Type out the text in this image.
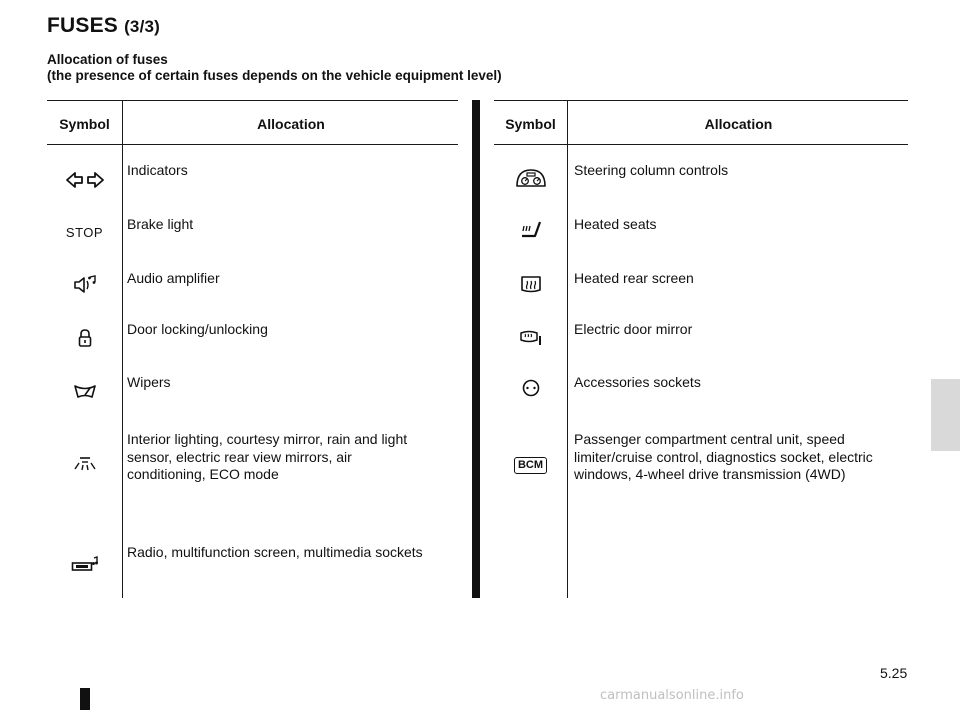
FUSES (3/3)
Allocation of fuses
(the presence of certain fuses depends on the vehicle equipment level)
Symbol	Allocation
Indicators
STOP Brake light
Audio amplifier
Door locking/unlocking
Wipers
Interior lighting, courtesy mirror, rain and light sensor, electric rear view mirrors, air conditioning, ECO mode
Radio, multifunction screen, multimedia sockets
Symbol	Allocation
Steering column controls
Heated seats
Heated rear screen
Electric door mirror
Accessories sockets
BCM
Passenger compartment central unit, speed limiter/cruise control, diagnostics socket, electric windows, 4-wheel drive transmission (4WD)
5.25
carmanualsonline.info
